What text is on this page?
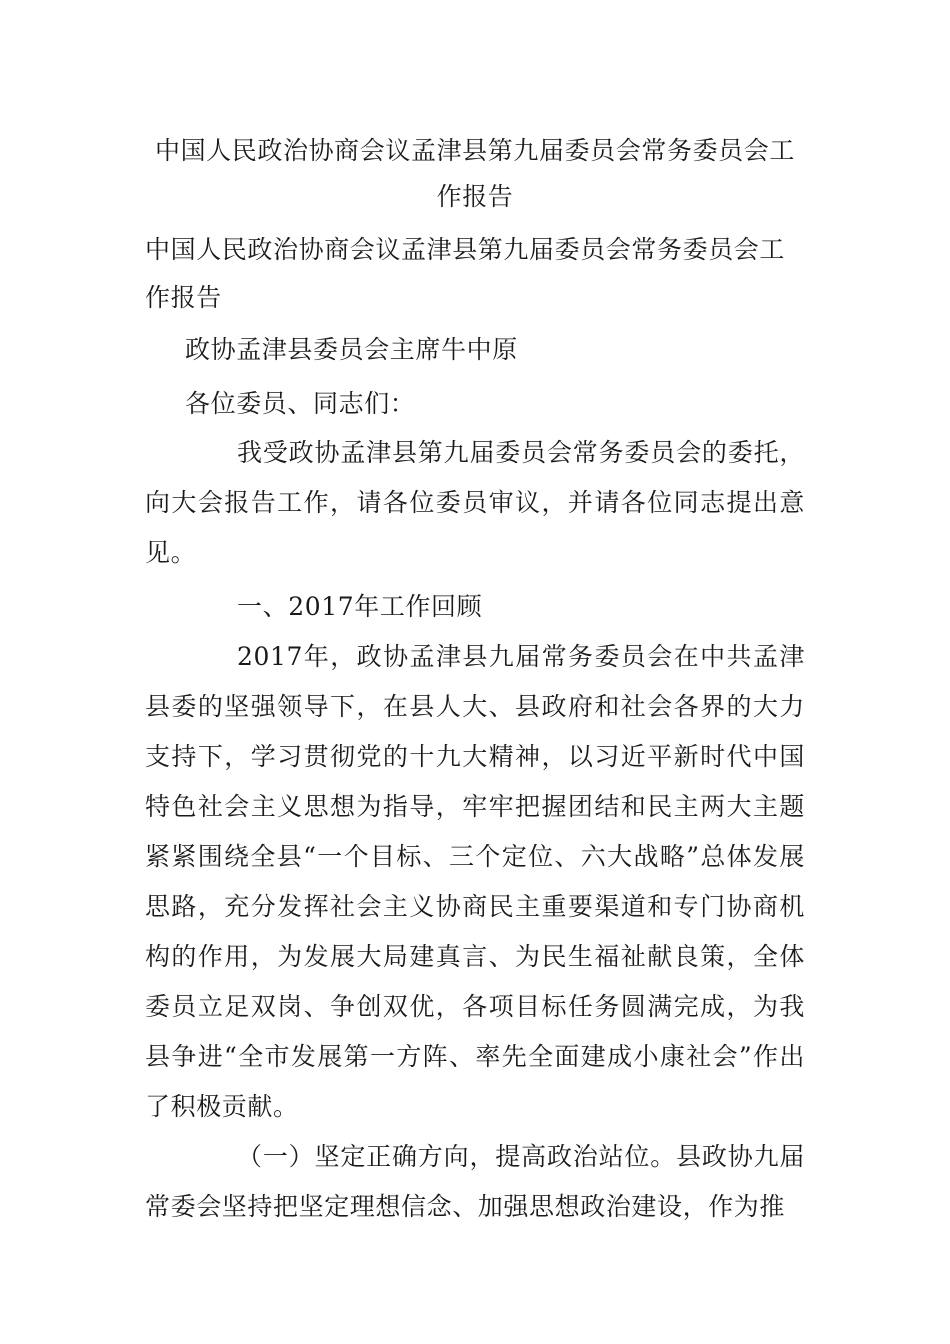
中国人民政治协商会议孟津县第九届委员会常务委员会工作报告
中国人民政治协商会议孟津县第九届委员会常务委员会工作报告
政协孟津县委员会主席牛中原
各位委员、同志们：

我受政协孟津县第九届委员会常务委员会的委托，向大会报告工作，请各位委员审议，并请各位同志提出意见。

一、2017年工作回顾

2017年，政协孟津县九届常务委员会在中共孟津县委的坚强领导下，在县人大、县政府和社会各界的大力支持下，学习贯彻党的十九大精神，以习近平新时代中国特色社会主义思想为指导，牢牢把握团结和民主两大主题紧紧围绕全县“一个目标、三个定位、六大战略”总体发展思路，充分发挥社会主义协商民主重要渠道和专门协商机构的作用，为发展大局建真言、为民生福祉献良策，全体委员立足双岗、争创双优，各项目标任务圆满完成，为我县争进“全市发展第一方阵、率先全面建成小康社会”作出了积极贡献。

（一）坚定正确方向，提高政治站位。县政协九届常委会坚持把坚定理想信念、加强思想政治建设，作为推
